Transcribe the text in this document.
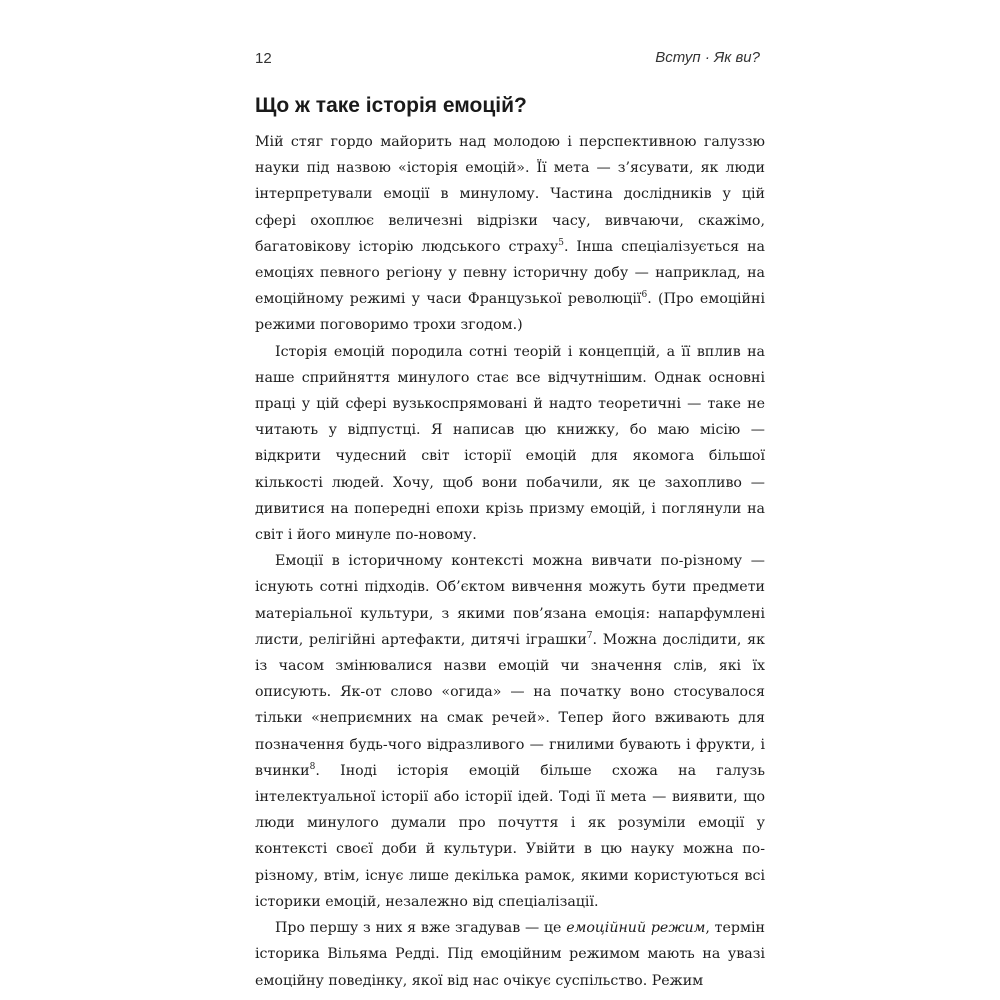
12	Вступ · Як ви?
Що ж таке історія емоцій?

Мій стяг гордо майорить над молодою і перспективною галуззю науки під назвою «історія емоцій». Її мета — з’ясувати, як люди інтерпретували емоції в минулому. Частина дослідників у цій сфері охоплює величезні відрізки часу, вивчаючи, скажімо, багатовікову історію людського страху$^5$. Інша спеціалізується на емоціях певного регіону у певну історичну добу — наприклад, на емоційному режимі у часи Французької революції$^6$. (Про емоційні режими поговоримо трохи згодом.)

Історія емоцій породила сотні теорій і концепцій, а її вплив на наше сприйняття минулого стає все відчутнішим. Однак основні праці у цій сфері вузькоспрямовані й надто теоретичні — таке не читають у відпустці. Я написав цю книжку, бо маю місію — відкрити чудесний світ історії емоцій для якомога більшої кількості людей. Хочу, щоб вони побачили, як це захопливо — дивитися на попередні епохи крізь призму емоцій, і поглянули на світ і його минуле по-новому.

Емоції в історичному контексті можна вивчати по-різному — існують сотні підходів. Об’єктом вивчення можуть бути предмети матеріальної культури, з якими пов’язана емоція: напарфумлені листи, релігійні артефакти, дитячі іграшки$^7$. Можна дослідити, як із часом змінювалися назви емоцій чи значення слів, які їх описують. Як-от слово «огида» — на початку воно стосувалося тільки «неприємних на смак речей». Тепер його вживають для позначення будь-чого відразливого — гнилими бувають і фрукти, і вчинки$^8$. Іноді історія емоцій більше схожа на галузь інтелектуальної історії або історії ідей. Тоді її мета — виявити, що люди минулого думали про почуття і як розуміли емоції у контексті своєї доби й культури. Увійти в цю науку можна по-різному, втім, існує лише декілька рамок, якими користуються всі історики емоцій, незалежно від спеціалізації.

Про першу з них я вже згадував — це емоційний режим, термін історика Вільяма Редді. Під емоційним режимом мають на увазі емоційну поведінку, якої від нас очікує суспільство. Режим
